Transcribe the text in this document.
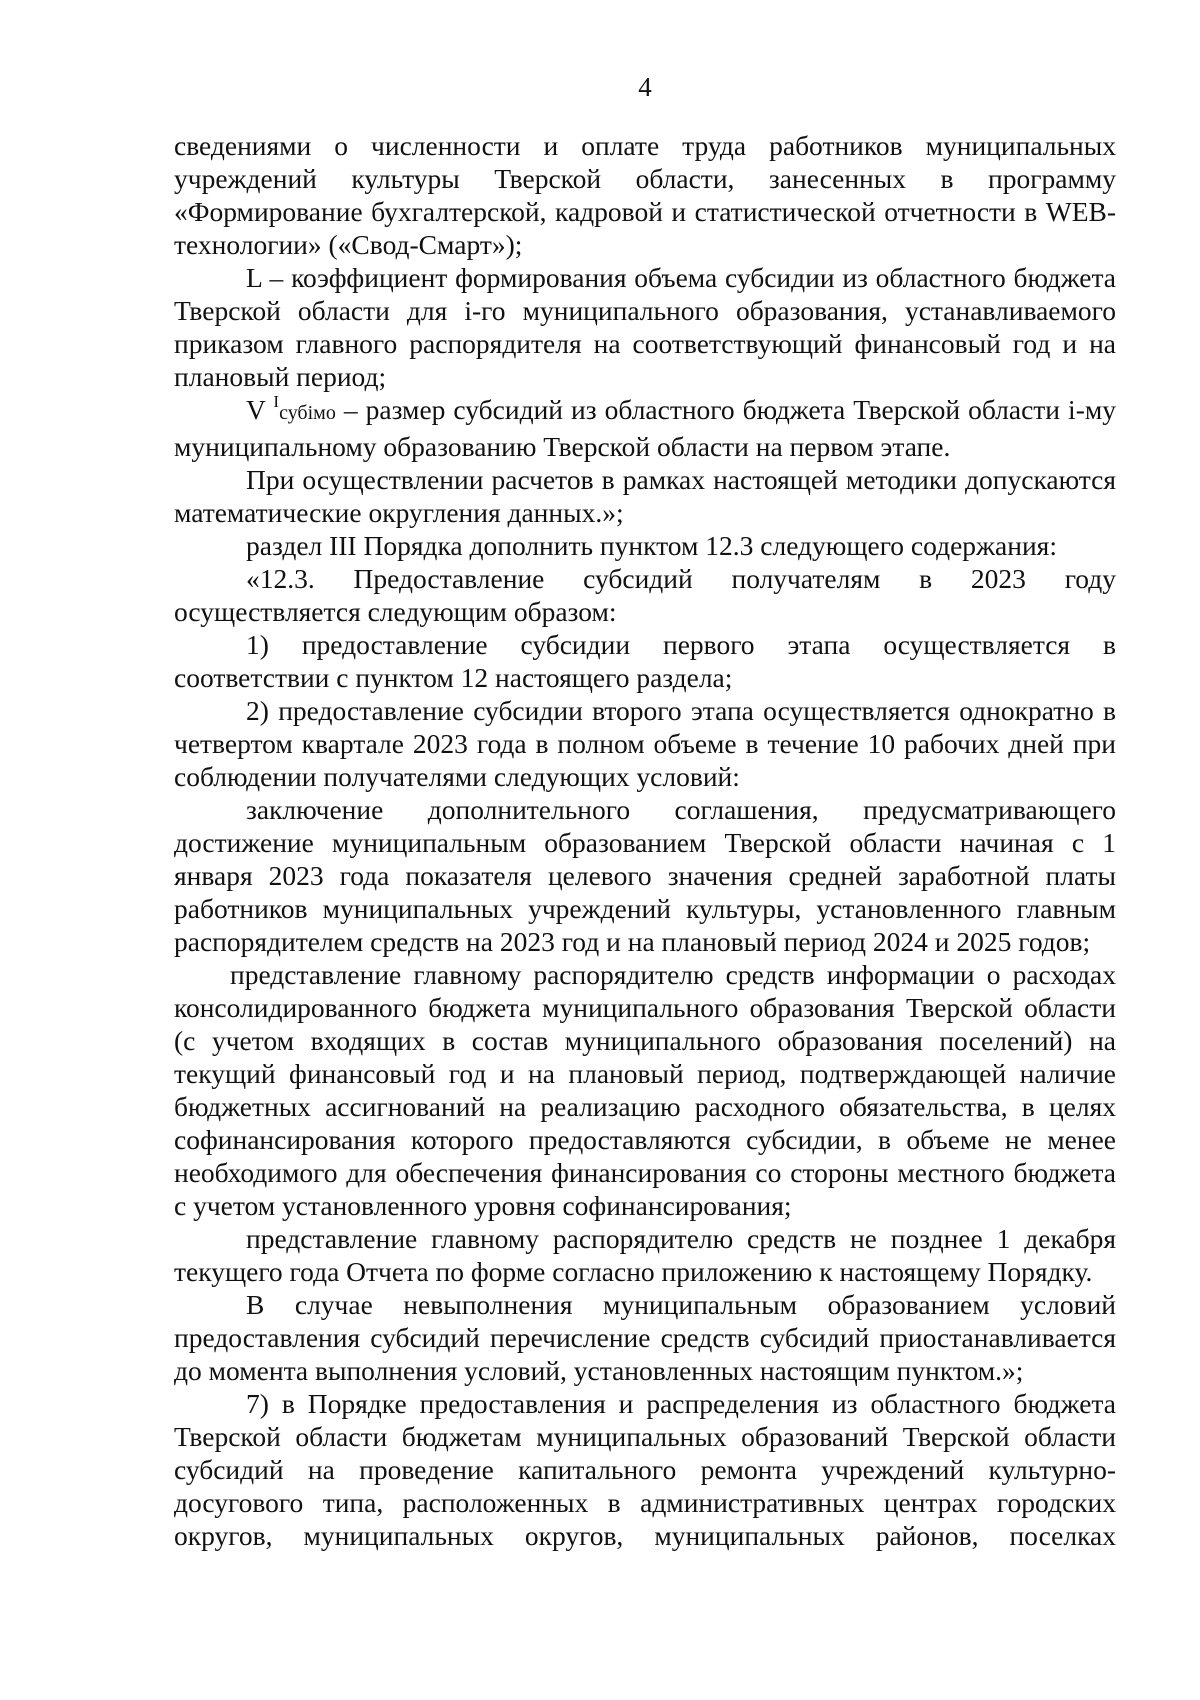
4

сведениями о численности и оплате труда работников муниципальных учреждений культуры Тверской области, занесенных в программу «Формирование бухгалтерской, кадровой и статистической отчетности в WEB-технологии» («Свод-Смарт»);

L – коэффициент формирования объема субсидии из областного бюджета Тверской области для i-го муниципального образования, устанавливаемого приказом главного распорядителя на соответствующий финансовый год и на плановый период;

V $^I$субiмо – размер субсидий из областного бюджета Тверской области i-му муниципальному образованию Тверской области на первом этапе.

При осуществлении расчетов в рамках настоящей методики допускаются математические округления данных.»;

раздел III Порядка дополнить пунктом 12.3 следующего содержания:

«12.3. Предоставление субсидий получателям в 2023 году осуществляется следующим образом:

1) предоставление субсидии первого этапа осуществляется в соответствии с пунктом 12 настоящего раздела;

2) предоставление субсидии второго этапа осуществляется однократно в четвертом квартале 2023 года в полном объеме в течение 10 рабочих дней при соблюдении получателями следующих условий:

заключение дополнительного соглашения, предусматривающего достижение муниципальным образованием Тверской области начиная с 1 января 2023 года показателя целевого значения средней заработной платы работников муниципальных учреждений культуры, установленного главным распорядителем средств на 2023 год и на плановый период 2024 и 2025 годов;

представление главному распорядителю средств информации о расходах консолидированного бюджета муниципального образования Тверской области (с учетом входящих в состав муниципального образования поселений) на текущий финансовый год и на плановый период, подтверждающей наличие бюджетных ассигнований на реализацию расходного обязательства, в целях софинансирования которого предоставляются субсидии, в объеме не менее необходимого для обеспечения финансирования со стороны местного бюджета с учетом установленного уровня софинансирования;

представление главному распорядителю средств не позднее 1 декабря текущего года Отчета по форме согласно приложению к настоящему Порядку.

В случае невыполнения муниципальным образованием условий предоставления субсидий перечисление средств субсидий приостанавливается до момента выполнения условий, установленных настоящим пунктом.»;

7) в Порядке предоставления и распределения из областного бюджета Тверской области бюджетам муниципальных образований Тверской области субсидий на проведение капитального ремонта учреждений культурно-досугового типа, расположенных в административных центрах городских округов, муниципальных округов, муниципальных районов, поселках
